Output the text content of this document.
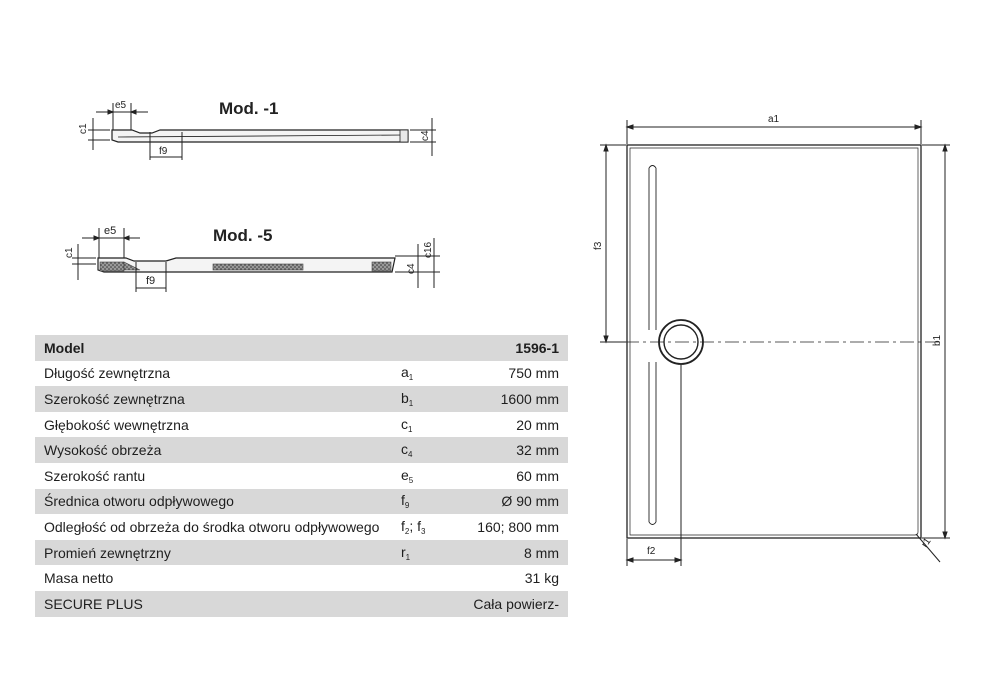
Mod. -1
e5
c1
f9
c4
Mod. -5
e5
c1
f9
c4
c16
a1
b1
f3
f2
r1
Model		1596-1
Długość zewnętrzna	$a_1$	750 mm
Szerokość zewnętrzna	$b_1$	1600 mm
Głębokość wewnętrzna	$c_1$	20 mm
Wysokość obrzeża	$c_4$	32 mm
Szerokość rantu	$e_5$	60 mm
Średnica otworu odpływowego	$f_9$	Ø 90 mm
Odległość od obrzeża do środka otworu odpływowego	$f_2$; $f_3$	160; 800 mm
Promień zewnętrzny	$r_1$	8 mm
Masa netto		31 kg
SECURE PLUS		Cała powierz-
